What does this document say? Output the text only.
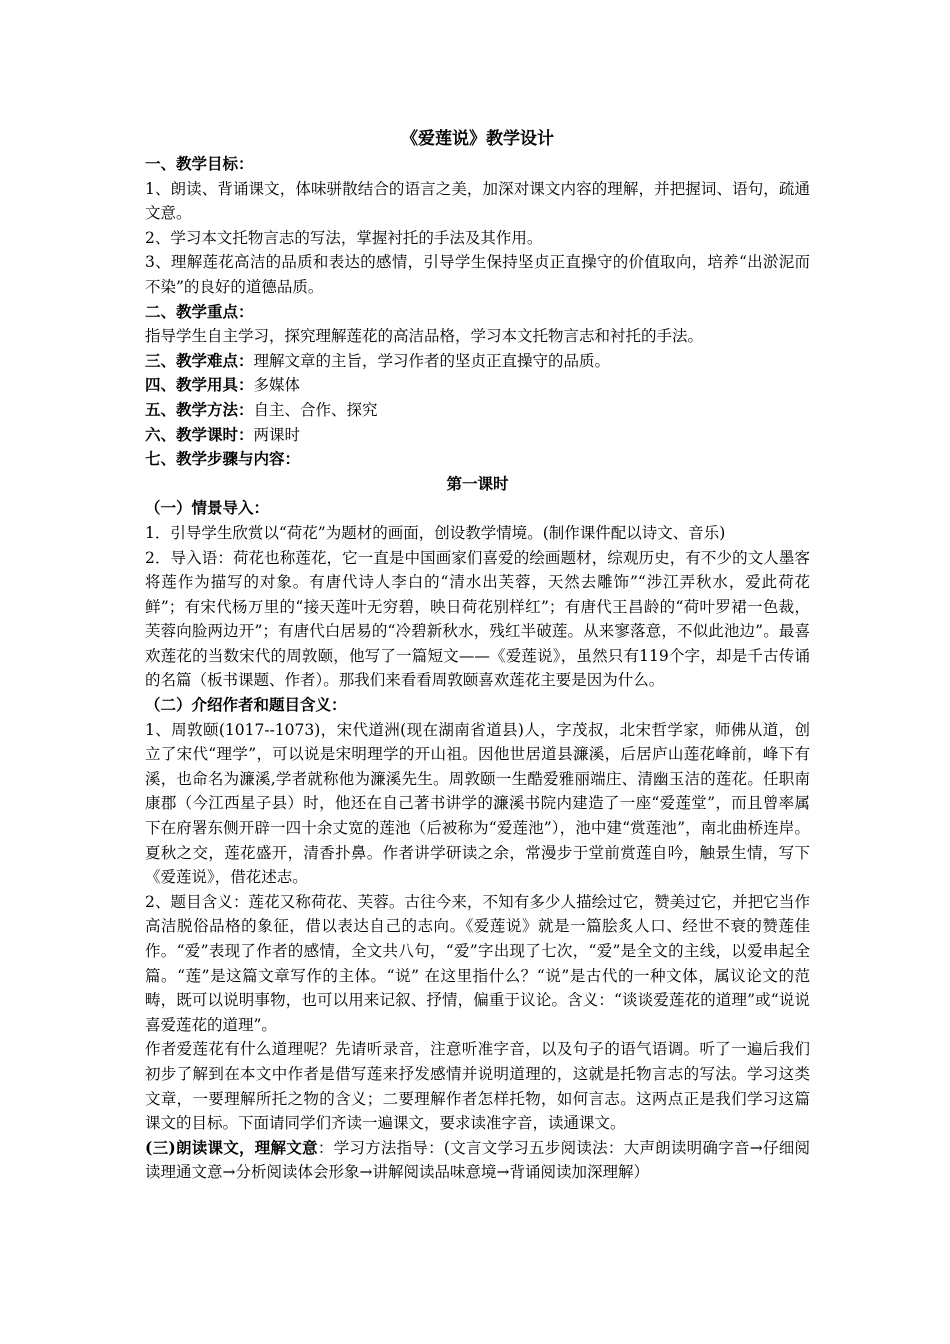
《爱莲说》教学设计

一、教学目标：

1、朗读、背诵课文，体味骈散结合的语言之美，加深对课文内容的理解，并把握词、语句，疏通文意。

2、学习本文托物言志的写法，掌握衬托的手法及其作用。

3、理解莲花高洁的品质和表达的感情，引导学生保持坚贞正直操守的价值取向，培养“出淤泥而不染”的良好的道德品质。

二、教学重点：

指导学生自主学习，探究理解莲花的高洁品格，学习本文托物言志和衬托的手法。

三、教学难点：理解文章的主旨，学习作者的坚贞正直操守的品质。

四、教学用具：多媒体

五、教学方法：自主、合作、探究

六、教学课时：两课时

七、教学步骤与内容：

第一课时

（一）情景导入：

1．引导学生欣赏以“荷花”为题材的画面，创设教学情境。(制作课件配以诗文、音乐)

2．导入语：荷花也称莲花，它一直是中国画家们喜爱的绘画题材，综观历史，有不少的文人墨客将莲作为描写的对象。有唐代诗人李白的“清水出芙蓉，天然去雕饰”“涉江弄秋水，爱此荷花鲜”；有宋代杨万里的“接天莲叶无穷碧，映日荷花别样红”；有唐代王昌龄的“荷叶罗裙一色裁，芙蓉向脸两边开”；有唐代白居易的“冷碧新秋水，残红半破莲。从来寥落意，不似此池边”。最喜欢莲花的当数宋代的周敦颐，他写了一篇短文——《爱莲说》，虽然只有119个字，却是千古传诵的名篇（板书课题、作者）。那我们来看看周敦颐喜欢莲花主要是因为什么。

（二）介绍作者和题目含义：

1、周敦颐(1017--1073)，宋代道洲(现在湖南省道县)人，字茂叔，北宋哲学家，师佛从道，创立了宋代“理学”，可以说是宋明理学的开山祖。因他世居道县濂溪，后居庐山莲花峰前，峰下有溪，也命名为濂溪,学者就称他为濂溪先生。周敦颐一生酷爱雅丽端庄、清幽玉洁的莲花。任职南康郡（今江西星子县）时，他还在自己著书讲学的濂溪书院内建造了一座“爱莲堂”，而且曾率属下在府署东侧开辟一四十余丈宽的莲池（后被称为“爱莲池”），池中建“赏莲池”，南北曲桥连岸。夏秋之交，莲花盛开，清香扑鼻。作者讲学研读之余，常漫步于堂前赏莲自吟，触景生情，写下《爱莲说》，借花述志。

2、题目含义：莲花又称荷花、芙蓉。古往今来，不知有多少人描绘过它，赞美过它，并把它当作高洁脱俗品格的象征，借以表达自己的志向。《爱莲说》就是一篇脍炙人口、经世不衰的赞莲佳作。“爱”表现了作者的感情，全文共八句，“爱”字出现了七次，“爱”是全文的主线，以爱串起全篇。“莲”是这篇文章写作的主体。“说” 在这里指什么？“说”是古代的一种文体，属议论文的范畴，既可以说明事物，也可以用来记叙、抒情，偏重于议论。含义：“谈谈爱莲花的道理”或“说说喜爱莲花的道理”。

作者爱莲花有什么道理呢？先请听录音，注意听准字音，以及句子的语气语调。听了一遍后我们初步了解到在本文中作者是借写莲来抒发感情并说明道理的，这就是托物言志的写法。学习这类文章，一要理解所托之物的含义；二要理解作者怎样托物，如何言志。这两点正是我们学习这篇课文的目标。下面请同学们齐读一遍课文，要求读准字音，读通课文。

(三)朗读课文，理解文意：学习方法指导：(文言文学习五步阅读法：大声朗读明确字音→仔细阅读理通文意→分析阅读体会形象→讲解阅读品味意境→背诵阅读加深理解）
